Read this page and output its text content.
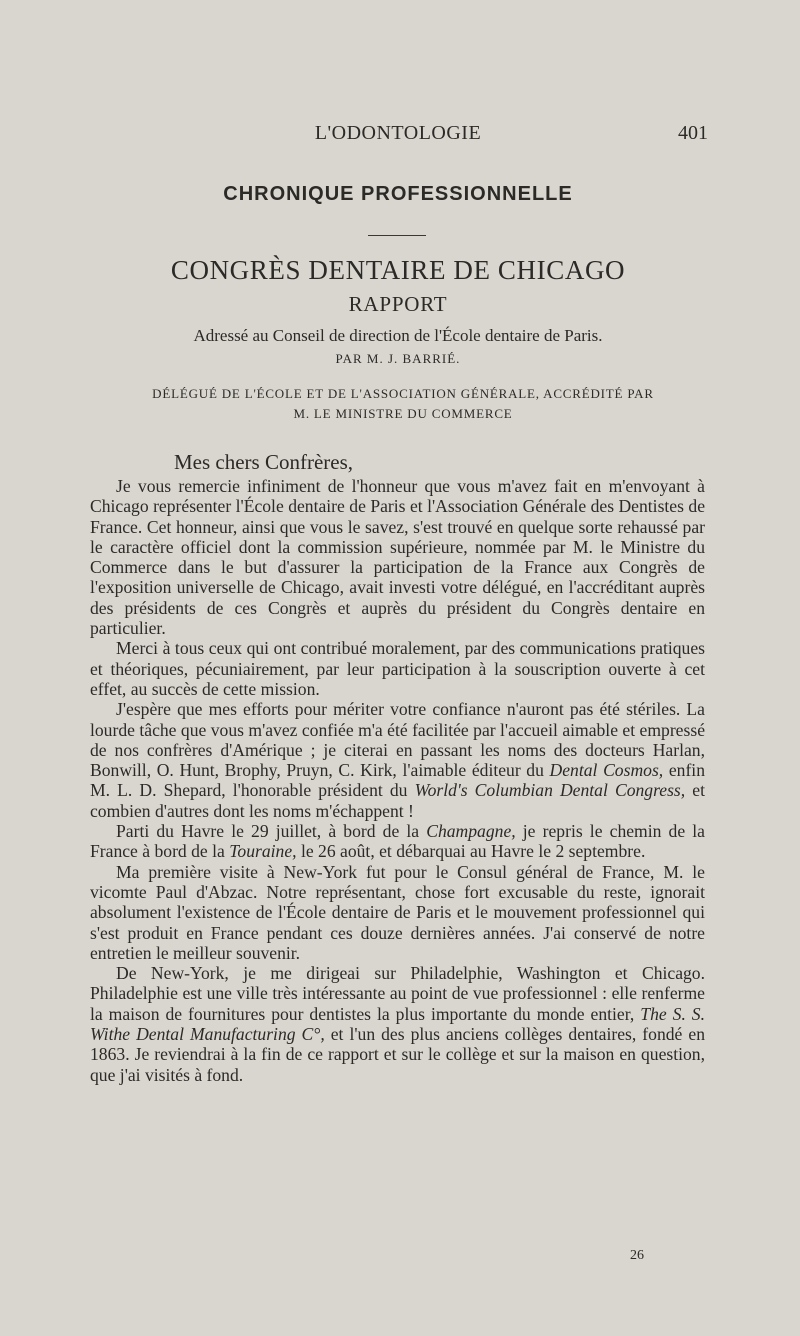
L'ODONTOLOGIE	401
CHRONIQUE PROFESSIONNELLE
CONGRÈS DENTAIRE DE CHICAGO
RAPPORT
Adressé au Conseil de direction de l'École dentaire de Paris.
PAR M. J. BARRIÉ.
DÉLÉGUÉ DE L'ÉCOLE ET DE L'ASSOCIATION GÉNÉRALE, ACCRÉDITÉ PAR
M. LE MINISTRE DU COMMERCE
Mes chers Confrères,

Je vous remercie infiniment de l'honneur que vous m'avez fait en m'envoyant à Chicago représenter l'École dentaire de Paris et l'Association Générale des Dentistes de France. Cet honneur, ainsi que vous le savez, s'est trouvé en quelque sorte rehaussé par le caractère officiel dont la commission supérieure, nommée par M. le Ministre du Commerce dans le but d'assurer la participation de la France aux Congrès de l'exposition universelle de Chicago, avait investi votre délégué, en l'accréditant auprès des présidents de ces Congrès et auprès du président du Congrès dentaire en particulier.

Merci à tous ceux qui ont contribué moralement, par des communications pratiques et théoriques, pécuniairement, par leur participation à la souscription ouverte à cet effet, au succès de cette mission.

J'espère que mes efforts pour mériter votre confiance n'auront pas été stériles. La lourde tâche que vous m'avez confiée m'a été facilitée par l'accueil aimable et empressé de nos confrères d'Amérique ; je citerai en passant les noms des docteurs Harlan, Bonwill, O. Hunt, Brophy, Pruyn, C. Kirk, l'aimable éditeur du Dental Cosmos, enfin M. L. D. Shepard, l'honorable président du World's Columbian Dental Congress, et combien d'autres dont les noms m'échappent !

Parti du Havre le 29 juillet, à bord de la Champagne, je repris le chemin de la France à bord de la Touraine, le 26 août, et débarquai au Havre le 2 septembre.

Ma première visite à New-York fut pour le Consul général de France, M. le vicomte Paul d'Abzac. Notre représentant, chose fort excusable du reste, ignorait absolument l'existence de l'École dentaire de Paris et le mouvement professionnel qui s'est produit en France pendant ces douze dernières années. J'ai conservé de notre entretien le meilleur souvenir.

De New-York, je me dirigeai sur Philadelphie, Washington et Chicago. Philadelphie est une ville très intéressante au point de vue professionnel : elle renferme la maison de fournitures pour dentistes la plus importante du monde entier, The S. S. Withe Dental Manufacturing C°, et l'un des plus anciens collèges dentaires, fondé en 1863. Je reviendrai à la fin de ce rapport et sur le collège et sur la maison en question, que j'ai visités à fond.

26
